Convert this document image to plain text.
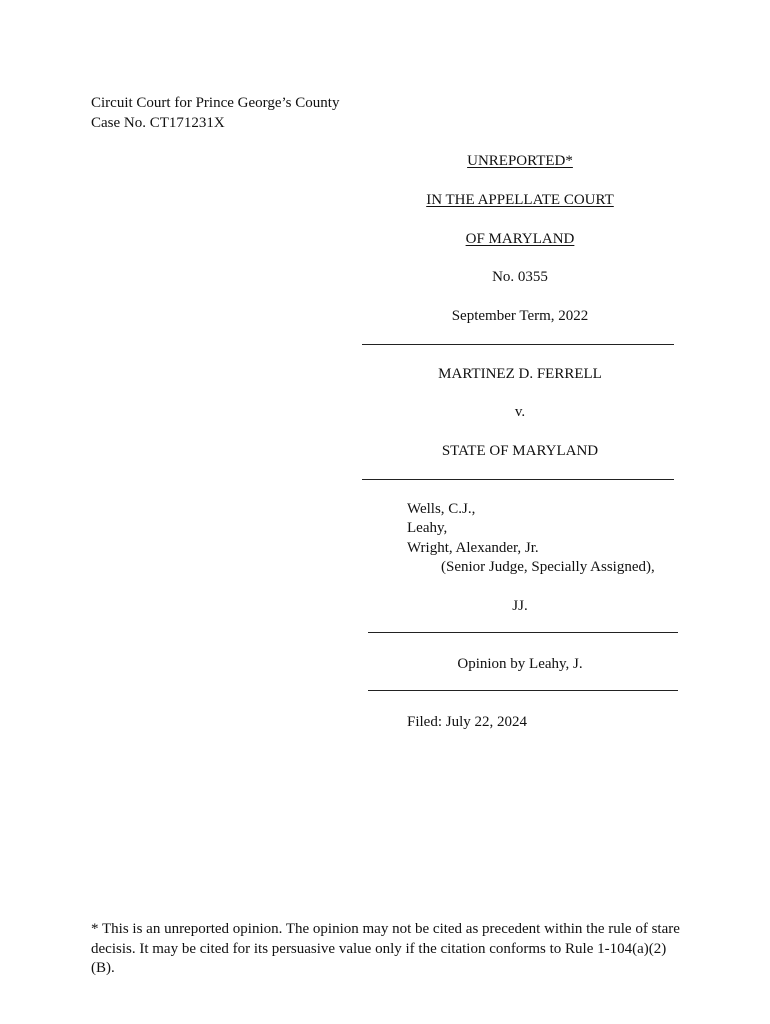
Circuit Court for Prince George’s County
Case No. CT171231X
UNREPORTED*
IN THE APPELLATE COURT
OF MARYLAND
No. 0355
September Term, 2022
MARTINEZ D. FERRELL
v.
STATE OF MARYLAND
Wells, C.J.,
Leahy,
Wright, Alexander, Jr.
(Senior Judge, Specially Assigned),
JJ.
Opinion by Leahy, J.
Filed: July 22, 2024
* This is an unreported opinion. The opinion may not be cited as precedent within the rule of stare decisis. It may be cited for its persuasive value only if the citation conforms to Rule 1-104(a)(2)(B).
